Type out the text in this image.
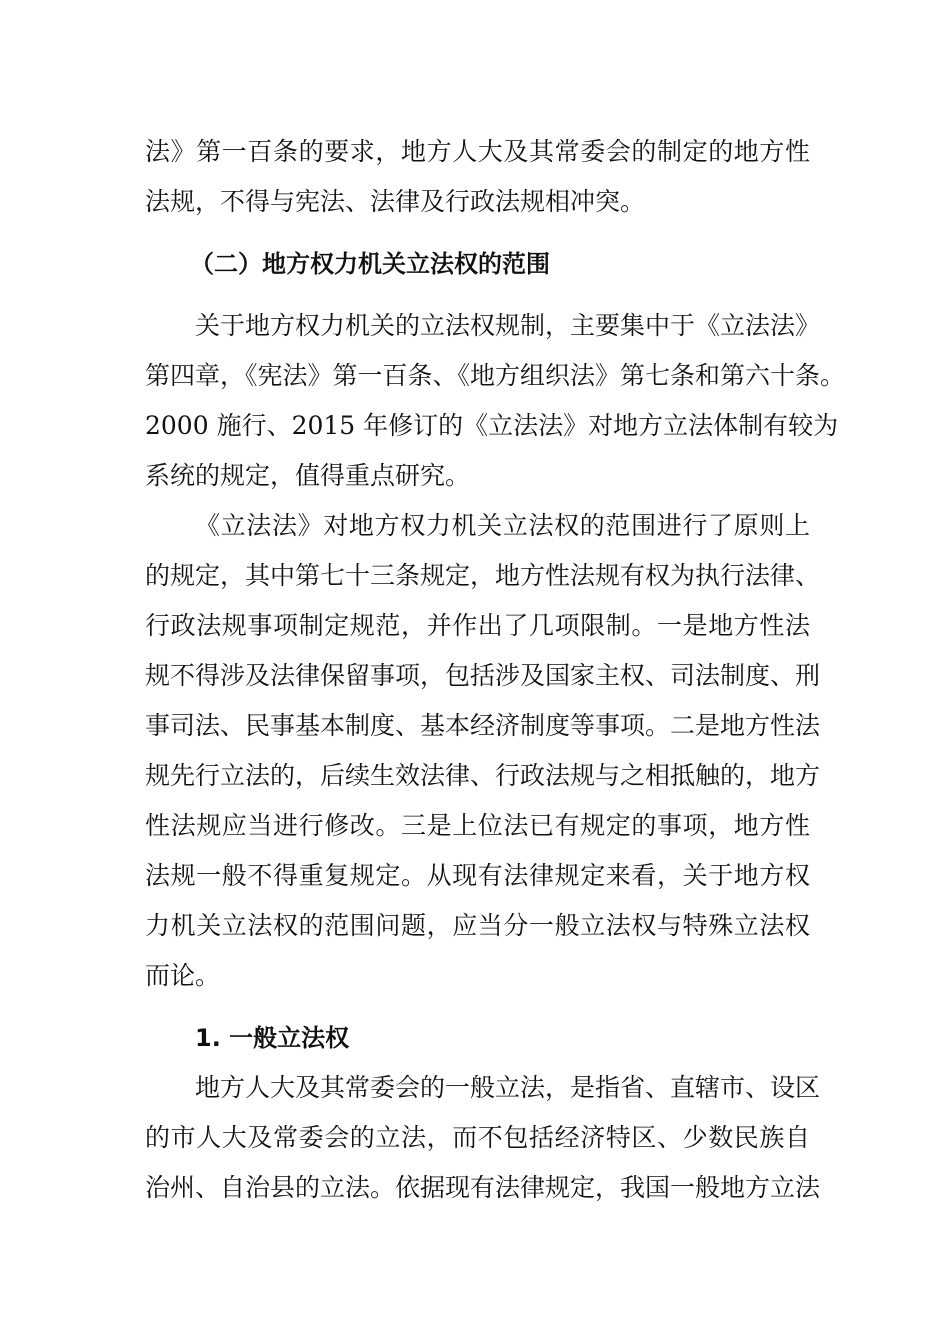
法》第一百条的要求，地方人大及其常委会的制定的地方性
法规，不得与宪法、法律及行政法规相冲突。
（二）地方权力机关立法权的范围
关于地方权力机关的立法权规制，主要集中于《立法法》
第四章，《宪法》第一百条、《地方组织法》第七条和第六十条。
2000 施行、2015 年修订的《立法法》对地方立法体制有较为
系统的规定，值得重点研究。
《立法法》对地方权力机关立法权的范围进行了原则上
的规定，其中第七十三条规定，地方性法规有权为执行法律、
行政法规事项制定规范，并作出了几项限制。一是地方性法
规不得涉及法律保留事项，包括涉及国家主权、司法制度、刑
事司法、民事基本制度、基本经济制度等事项。二是地方性法
规先行立法的，后续生效法律、行政法规与之相抵触的，地方
性法规应当进行修改。三是上位法已有规定的事项，地方性
法规一般不得重复规定。从现有法律规定来看，关于地方权
力机关立法权的范围问题，应当分一般立法权与特殊立法权
而论。
1. 一般立法权
地方人大及其常委会的一般立法，是指省、直辖市、设区
的市人大及常委会的立法，而不包括经济特区、少数民族自
治州、自治县的立法。依据现有法律规定，我国一般地方立法
